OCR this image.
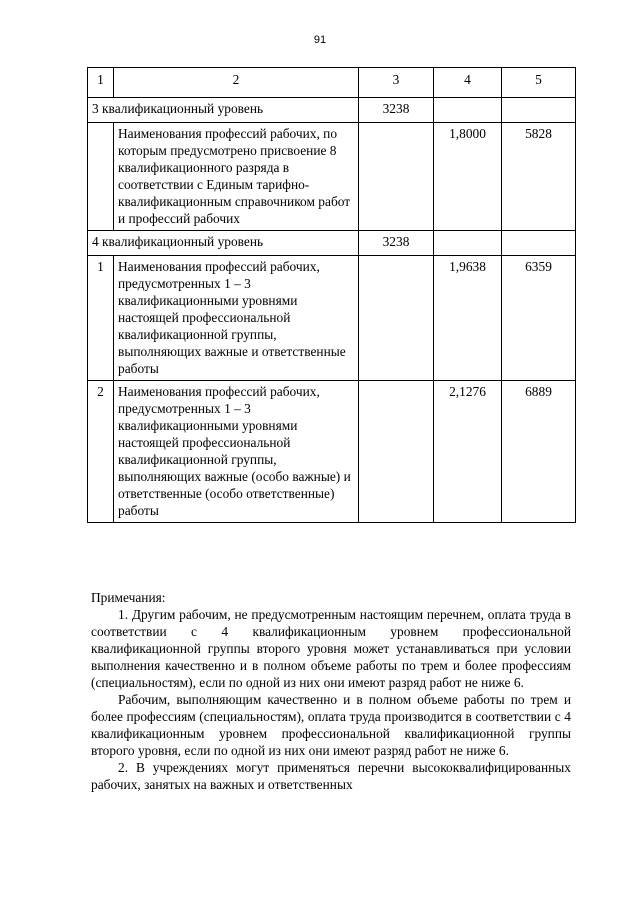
91
1	2	3	4	5
3 квалификационный уровень		3238		
	Наименования профессий рабочих, по которым предусмотрено присвоение 8 квалификационного разряда в соответствии с Единым тарифно-квалификационным справочником работ и профессий рабочих		1,8000	5828
4 квалификационный уровень		3238		
1	Наименования профессий рабочих, предусмотренных 1 – 3 квалификационными уровнями настоящей профессиональной квалификационной группы, выполняющих важные и ответственные работы		1,9638	6359
2	Наименования профессий рабочих, предусмотренных 1 – 3 квалификационными уровнями настоящей профессиональной квалификационной группы, выполняющих важные (особо важные) и ответственные (особо ответственные) работы		2,1276	6889

Примечания:

1. Другим рабочим, не предусмотренным настоящим перечнем, оплата труда в соответствии с 4 квалификационным уровнем профессиональной квалификационной группы второго уровня может устанавливаться при условии выполнения качественно и в полном объеме работы по трем и более профессиям (специальностям), если по одной из них они имеют разряд работ не ниже 6.

Рабочим, выполняющим качественно и в полном объеме работы по трем и более профессиям (специальностям), оплата труда производится в соответствии с 4 квалификационным уровнем профессиональной квалификационной группы второго уровня, если по одной из них они имеют разряд работ не ниже 6.

2. В учреждениях могут применяться перечни высококвалифицированных рабочих, занятых на важных и ответственных
